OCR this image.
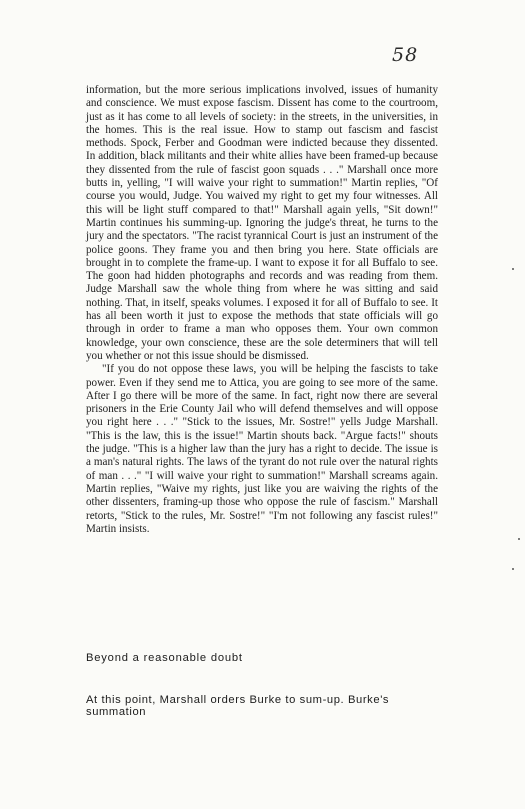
58

information, but the more serious implications involved, issues of humanity and conscience. We must expose fascism. Dissent has come to the courtroom, just as it has come to all levels of society: in the streets, in the universities, in the homes. This is the real issue. How to stamp out fascism and fascist methods. Spock, Ferber and Goodman were indicted because they dissented. In addition, black militants and their white allies have been framed-up because they dissented from the rule of fascist goon squads . . ." Marshall once more butts in, yelling, "I will waive your right to summation!" Martin replies, "Of course you would, Judge. You waived my right to get my four witnesses. All this will be light stuff compared to that!" Marshall again yells, "Sit down!" Martin continues his summing-up. Ignoring the judge's threat, he turns to the jury and the spectators. "The racist tyrannical Court is just an instrument of the police goons. They frame you and then bring you here. State officials are brought in to complete the frame-up. I want to expose it for all Buffalo to see. The goon had hidden photographs and records and was reading from them. Judge Marshall saw the whole thing from where he was sitting and said nothing. That, in itself, speaks volumes. I exposed it for all of Buffalo to see. It has all been worth it just to expose the methods that state officials will go through in order to frame a man who opposes them. Your own common knowledge, your own conscience, these are the sole determiners that will tell you whether or not this issue should be dismissed.

"If you do not oppose these laws, you will be helping the fascists to take power. Even if they send me to Attica, you are going to see more of the same. After I go there will be more of the same. In fact, right now there are several prisoners in the Erie County Jail who will defend themselves and will oppose you right here . . ." "Stick to the issues, Mr. Sostre!" yells Judge Marshall. "This is the law, this is the issue!" Martin shouts back. "Argue facts!" shouts the judge. "This is a higher law than the jury has a right to decide. The issue is a man's natural rights. The laws of the tyrant do not rule over the natural rights of man . . ." "I will waive your right to summation!" Marshall screams again. Martin replies, "Waive my rights, just like you are waiving the rights of the other dissenters, framing-up those who oppose the rule of fascism." Marshall retorts, "Stick to the rules, Mr. Sostre!" "I'm not following any fascist rules!" Martin insists.

Beyond a reasonable doubt

At this point, Marshall orders Burke to sum-up. Burke's summation
